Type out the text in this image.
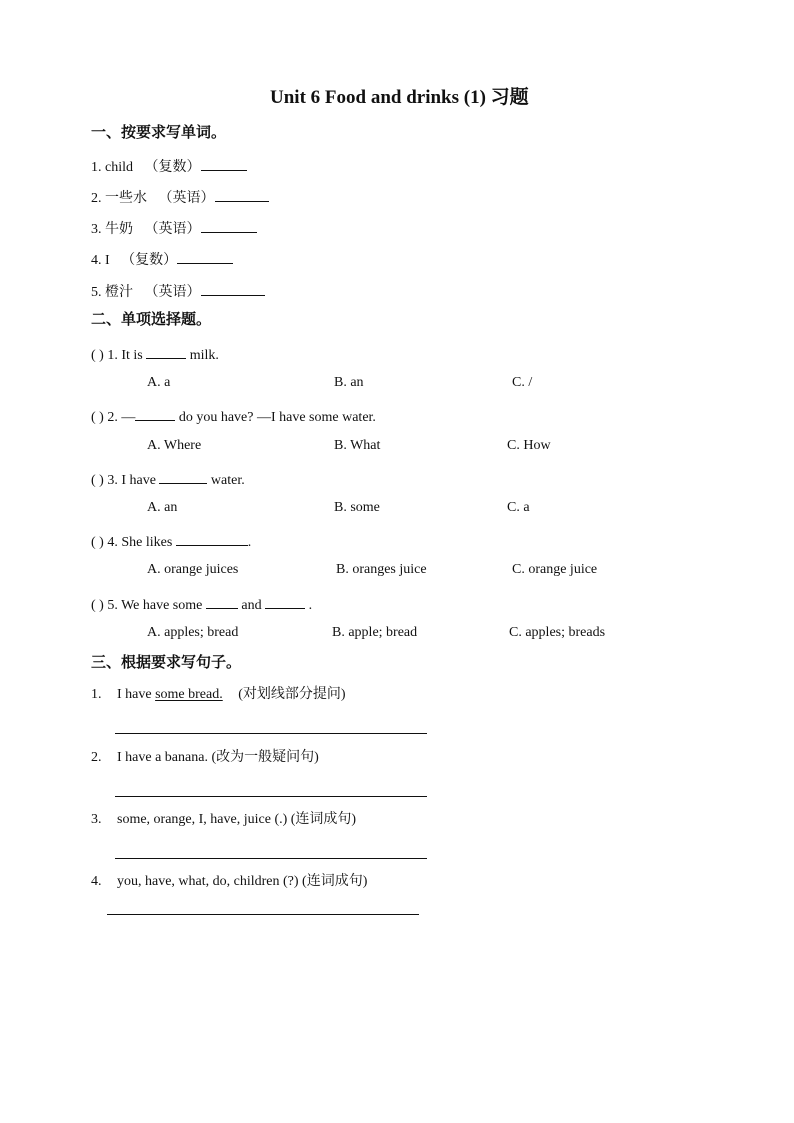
Unit 6 Food and drinks (1) 习题
一、按要求写单词。
1. child （复数）
2. 一些水 （英语）
3. 牛奶 （英语）
4. I （复数）
5. 橙汁 （英语）
二、单项选择题。
( ) 1. It is	milk.
A. a	B. an	C. /
( ) 2. —	do you have? —I have some water.
A. Where	B. What	C. How
( ) 3. I have	water.
A. an	B. some	C. a
( ) 4. She likes	.
A. orange juices	B. oranges juice	C. orange juice
( ) 5. We have some	and	.
A. apples; bread	B. apple; bread	C. apples; breads
三、根据要求写句子。
1. I have some bread. (对划线部分提问)
2. I have a banana. (改为一般疑问句)
3. some, orange, I, have, juice (.) (连词成句)
4. you, have, what, do, children (?) (连词成句)
